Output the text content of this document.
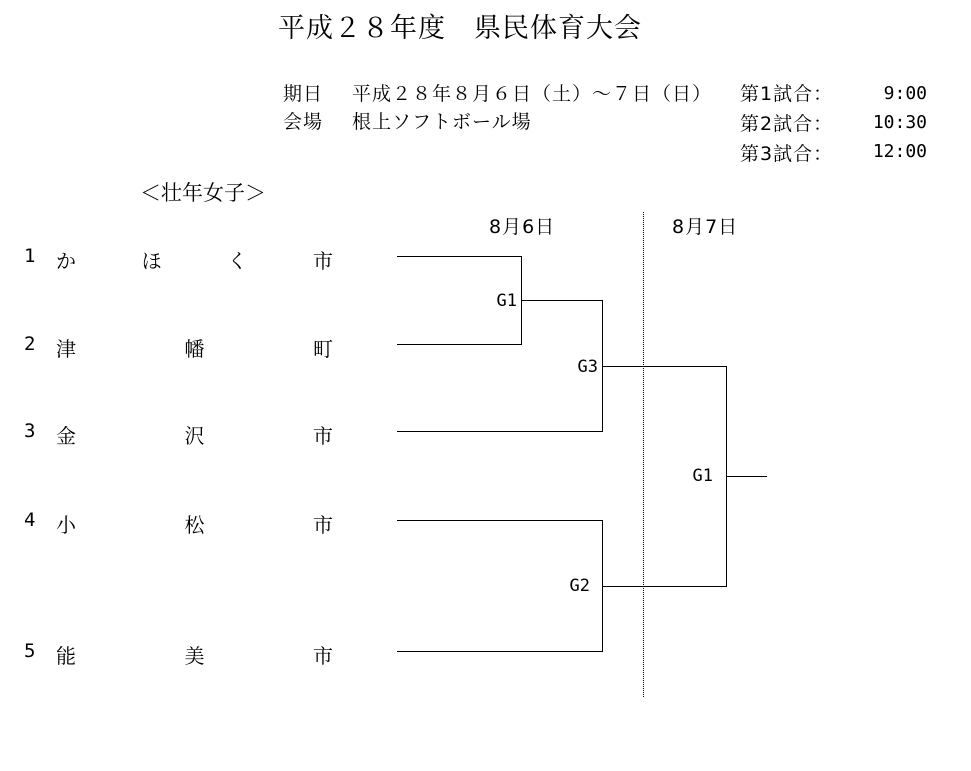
平成２８年度　県民体育大会
期日 平成２８年８月６日（土）～７日（日）
会場 根上ソフトボール場
第1試合：	9:00
第2試合：	10:30
第3試合：	12:00
＜壮年女子＞
8月6日	8月7日
1 か	ほ	く	市
2 津	幡	町
3 金	沢	市
4 小	松	市
5 能	美	市
G1
G3
G2
G1
